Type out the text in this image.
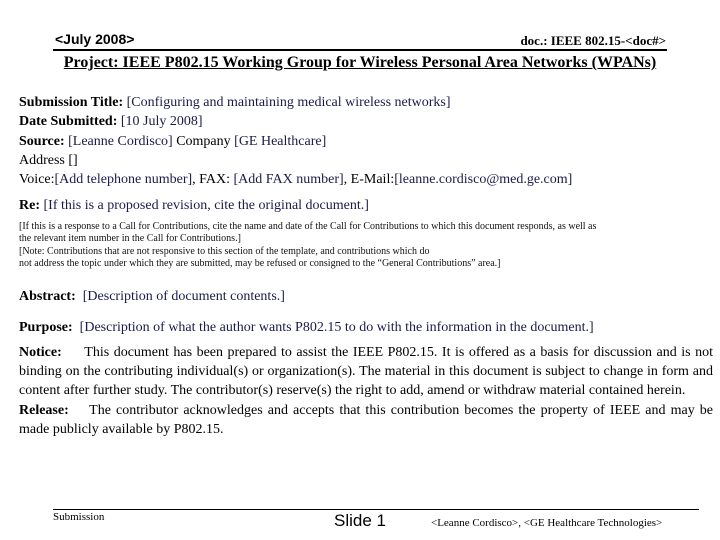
<July 2008>	doc.: IEEE 802.15-<doc#>
Project: IEEE P802.15 Working Group for Wireless Personal Area Networks (WPANs)
Submission Title: [Configuring and maintaining medical wireless networks]
Date Submitted: [10 July 2008]
Source: [Leanne Cordisco] Company [GE Healthcare]
Address []
Voice:[Add telephone number], FAX: [Add FAX number], E-Mail:[leanne.cordisco@med.ge.com]
Re: [If this is a proposed revision, cite the original document.]
[If this is a response to a Call for Contributions, cite the name and date of the Call for Contributions to which this document responds, as well as
the relevant item number in the Call for Contributions.]
[Note: Contributions that are not responsive to this section of the template, and contributions which do
not address the topic under which they are submitted, may be refused or consigned to the “General Contributions” area.]
Abstract: [Description of document contents.]
Purpose: [Description of what the author wants P802.15 to do with the information in the document.]
Notice: This document has been prepared to assist the IEEE P802.15. It is offered as a basis for discussion and is not binding on the contributing individual(s) or organization(s). The material in this document is subject to change in form and content after further study. The contributor(s) reserve(s) the right to add, amend or withdraw material contained herein.
Release: The contributor acknowledges and accepts that this contribution becomes the property of IEEE and may be made publicly available by P802.15.
Submission	Slide 1	<Leanne Cordisco>, <GE Healthcare Technologies>
